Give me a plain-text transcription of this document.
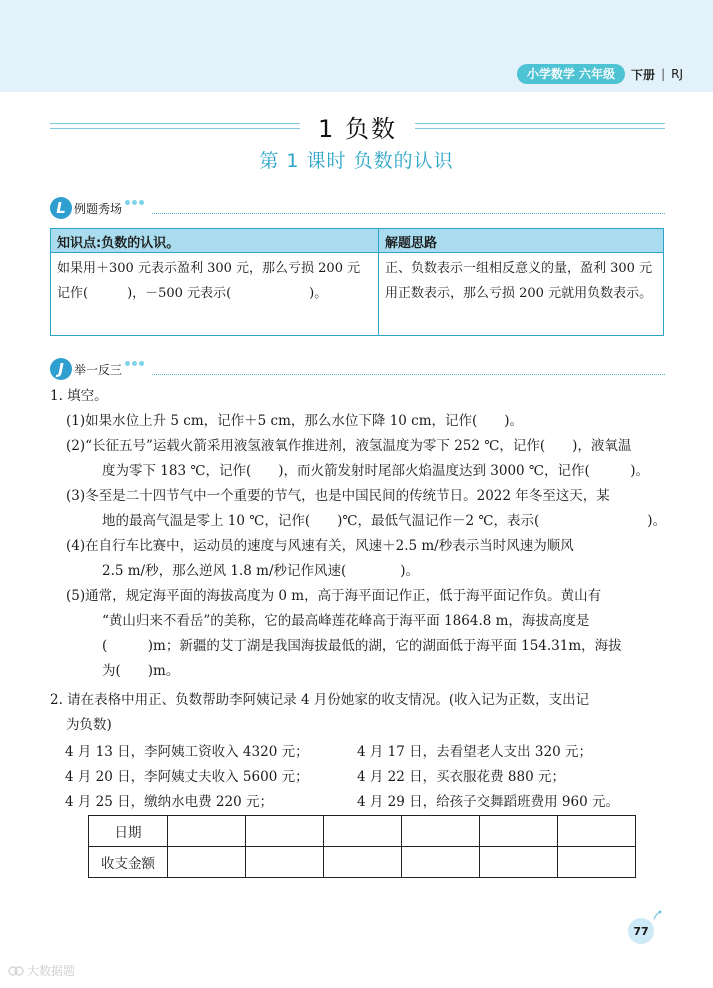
小学数学 六年级	下册 | RJ
1 负数
第 1 课时 负数的认识
L 例题秀场
知识点:负数的认识。	解题思路
如果用＋300 元表示盈利 300 元，那么亏损 200 元记作(　　　)，－500 元表示(　　　　　　)。
正、负数表示一组相反意义的量，盈利 300 元用正数表示，那么亏损 200 元就用负数表示。
J 举一反三

1. 填空。

(1)如果水位上升 5 cm，记作＋5 cm，那么水位下降 10 cm，记作(　　)。

(2)“长征五号”运载火箭采用液氢液氧作推进剂，液氢温度为零下 252 ℃，记作(　　)，液氧温

度为零下 183 ℃，记作(　　)，而火箭发射时尾部火焰温度达到 3000 ℃，记作(　　　)。

(3)冬至是二十四节气中一个重要的节气，也是中国民间的传统节日。2022 年冬至这天，某

地的最高气温是零上 10 ℃，记作(　　)℃，最低气温记作－2 ℃，表示(　　　　　　　　)。

(4)在自行车比赛中，运动员的速度与风速有关，风速＋2.5 m/秒表示当时风速为顺风

2.5 m/秒，那么逆风 1.8 m/秒记作风速(　　　　)。

(5)通常，规定海平面的海拔高度为 0 m，高于海平面记作正，低于海平面记作负。黄山有

“黄山归来不看岳”的美称，它的最高峰莲花峰高于海平面 1864.8 m，海拔高度是

(　　　)m；新疆的艾丁湖是我国海拔最低的湖，它的湖面低于海平面 154.31m，海拔

为(　　)m。

2. 请在表格中用正、负数帮助李阿姨记录 4 月份她家的收支情况。(收入记为正数，支出记

为负数)

4 月 13 日，李阿姨工资收入 4320 元；	4 月 17 日，去看望老人支出 320 元；
4 月 20 日，李阿姨丈夫收入 5600 元；	4 月 22 日，买衣服花费 880 元；
4 月 25 日，缴纳水电费 220 元；	4 月 29 日，给孩子交舞蹈班费用 960 元。
日期						
收支金额						
77
大数据题
